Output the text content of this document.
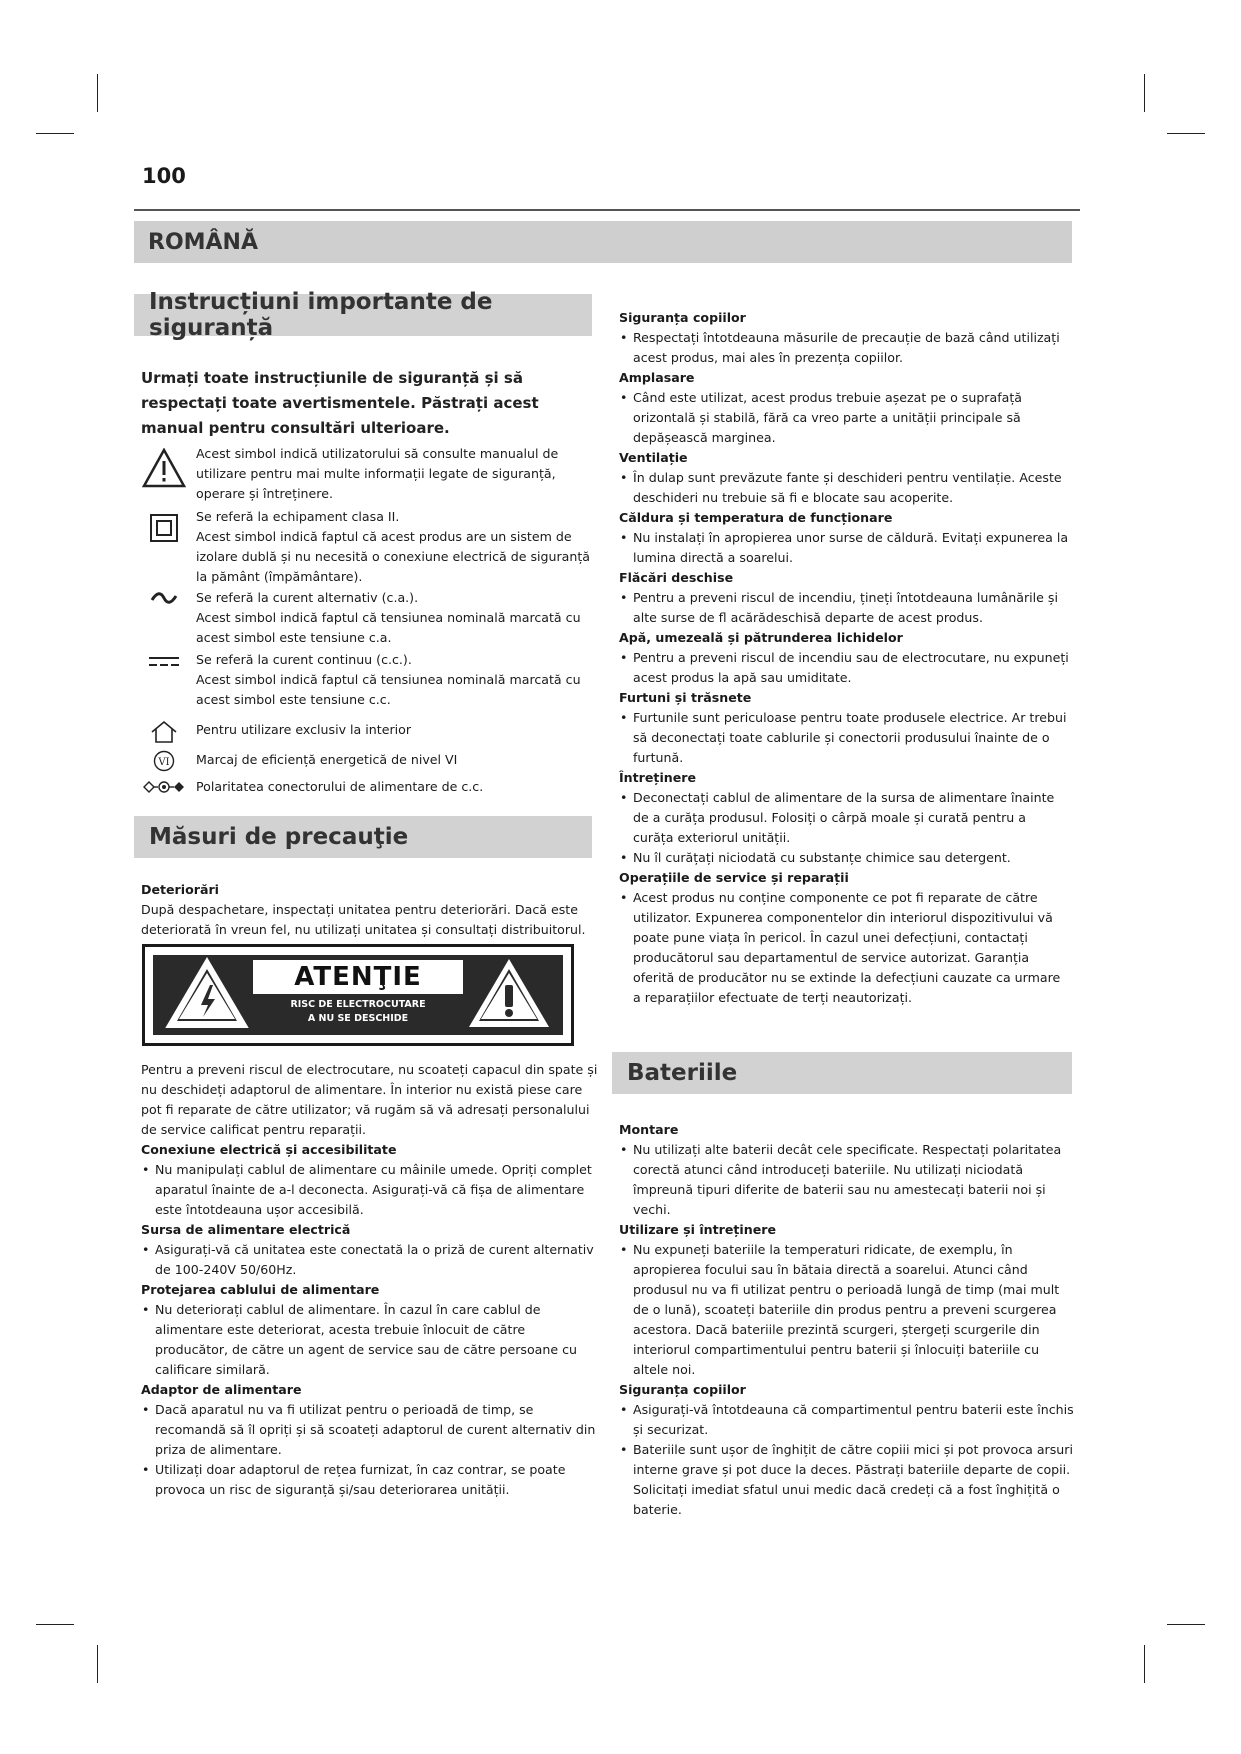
100
ROMÂNĂ
Instrucțiuni importante de siguranță
Urmați toate instrucțiunile de siguranță și să respectați toate avertismentele. Păstrați acest manual pentru consultări ulterioare.
Acest simbol indică utilizatorului să consulte manualul de utilizare pentru mai multe informații legate de siguranță, operare și întreținere.
Se referă la echipament clasa II.
Acest simbol indică faptul că acest produs are un sistem de izolare dublă și nu necesită o conexiune electrică de siguranță la pământ (împământare).
Se referă la curent alternativ (c.a.).
Acest simbol indică faptul că tensiunea nominală marcată cu acest simbol este tensiune c.a.
Se referă la curent continuu (c.c.).
Acest simbol indică faptul că tensiunea nominală marcată cu acest simbol este tensiune c.c.
Pentru utilizare exclusiv la interior
VI Marcaj de eficiență energetică de nivel VI
Polaritatea conectorului de alimentare de c.c.
Măsuri de precauţie

Deteriorări

După despachetare, inspectați unitatea pentru deteriorări. Dacă este deteriorată în vreun fel, nu utilizați unitatea și consultați distribuitorul.

ATENŢIE
RISC DE ELECTROCUTARE
A NU SE DESCHIDE

Pentru a preveni riscul de electrocutare, nu scoateți capacul din spate și nu deschideți adaptorul de alimentare. În interior nu există piese care pot fi reparate de către utilizator; vă rugăm să vă adresați personalului de service calificat pentru reparații.

Conexiune electrică și accesibilitate

• Nu manipulați cablul de alimentare cu mâinile umede. Opriți complet aparatul înainte de a-l deconecta. Asigurați-vă că fișa de alimentare este întotdeauna ușor accesibilă.

Sursa de alimentare electrică

• Asigurați-vă că unitatea este conectată la o priză de curent alternativ de 100-240V 50/60Hz.

Protejarea cablului de alimentare

• Nu deteriorați cablul de alimentare. În cazul în care cablul de alimentare este deteriorat, acesta trebuie înlocuit de către producător, de către un agent de service sau de către persoane cu calificare similară.

Adaptor de alimentare

• Dacă aparatul nu va fi utilizat pentru o perioadă de timp, se recomandă să îl opriți și să scoateți adaptorul de curent alternativ din priza de alimentare.
• Utilizați doar adaptorul de rețea furnizat, în caz contrar, se poate provoca un risc de siguranță și/sau deteriorarea unității.

Siguranța copiilor

• Respectați întotdeauna măsurile de precauție de bază când utilizați acest produs, mai ales în prezența copiilor.

Amplasare

• Când este utilizat, acest produs trebuie așezat pe o suprafață orizontală și stabilă, fără ca vreo parte a unității principale să depășească marginea.

Ventilație

• În dulap sunt prevăzute fante și deschideri pentru ventilație. Aceste deschideri nu trebuie să fi e blocate sau acoperite.

Căldura și temperatura de funcționare

• Nu instalați în apropierea unor surse de căldură. Evitați expunerea la lumina directă a soarelui.

Flăcări deschise

• Pentru a preveni riscul de incendiu, țineți întotdeauna lumânările și alte surse de fl acărădeschisă departe de acest produs.

Apă, umezeală și pătrunderea lichidelor

• Pentru a preveni riscul de incendiu sau de electrocutare, nu expuneți acest produs la apă sau umiditate.

Furtuni și trăsnete

• Furtunile sunt periculoase pentru toate produsele electrice. Ar trebui să deconectați toate cablurile și conectorii produsului înainte de o furtună.

Întreținere

• Deconectați cablul de alimentare de la sursa de alimentare înainte de a curăța produsul. Folosiți o cârpă moale și curată pentru a curăța exteriorul unității.
• Nu îl curățați niciodată cu substanțe chimice sau detergent.

Operațiile de service și reparații

• Acest produs nu conține componente ce pot fi reparate de către utilizator. Expunerea componentelor din interiorul dispozitivului vă poate pune viața în pericol. În cazul unei defecțiuni, contactați producătorul sau departamentul de service autorizat. Garanția oferită de producător nu se extinde la defecțiuni cauzate ca urmare a reparațiilor efectuate de terți neautorizați.
Bateriile

Montare

• Nu utilizați alte baterii decât cele specificate. Respectați polaritatea corectă atunci când introduceți bateriile. Nu utilizați niciodată împreună tipuri diferite de baterii sau nu amestecați baterii noi și vechi.

Utilizare și întreținere

• Nu expuneți bateriile la temperaturi ridicate, de exemplu, în apropierea focului sau în bătaia directă a soarelui. Atunci când produsul nu va fi utilizat pentru o perioadă lungă de timp (mai mult de o lună), scoateți bateriile din produs pentru a preveni scurgerea acestora. Dacă bateriile prezintă scurgeri, ștergeți scurgerile din interiorul compartimentului pentru baterii și înlocuiți bateriile cu altele noi.

Siguranța copiilor

• Asigurați-vă întotdeauna că compartimentul pentru baterii este închis și securizat.
• Bateriile sunt ușor de înghițit de către copiii mici și pot provoca arsuri interne grave și pot duce la deces. Păstrați bateriile departe de copii. Solicitați imediat sfatul unui medic dacă credeți că a fost înghițită o baterie.
